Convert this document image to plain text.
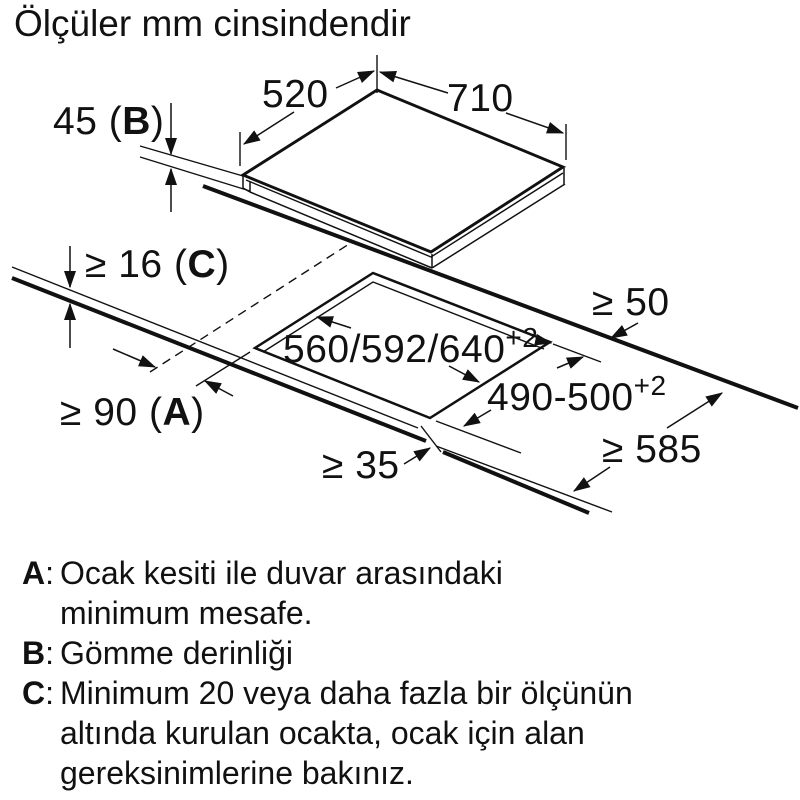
Ölçüler mm cinsindendir
520	710
45 (B)
≥ 16 (C)
≥ 50
$560/592/640^{+2}$
$490-500^{+2}$
≥ 90 (A)
≥ 35	≥ 585
A: Ocak kesiti ile duvar arasındaki
minimum mesafe.
B: Gömme derinliği
C: Minimum 20 veya daha fazla bir ölçünün
altında kurulan ocakta, ocak için alan
gereksinimlerine bakınız.
